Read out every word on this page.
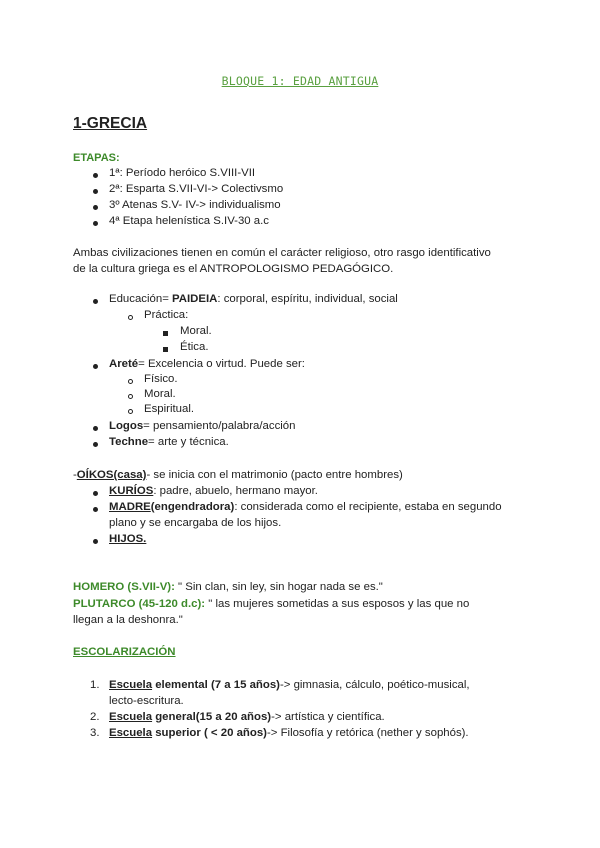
BLOQUE 1: EDAD ANTIGUA
1-GRECIA
ETAPAS:
1ª: Período heróico S.VIII-VII
2ª: Esparta S.VII-VI-> Colectivsmo
3º Atenas S.V- IV-> individualismo
4ª Etapa helenística S.IV-30 a.c
Ambas civilizaciones tienen en común el carácter religioso, otro rasgo identificativo
de la cultura griega es el ANTROPOLOGISMO PEDAGÓGICO.
Educación= PAIDEIA: corporal, espíritu, individual, social
Práctica:
Moral.
Ética.
Areté= Excelencia o virtud. Puede ser:
Físico.
Moral.
Espiritual.
Logos= pensamiento/palabra/acción
Techne= arte y técnica.
-OÍKOS(casa)- se inicia con el matrimonio (pacto entre hombres)
KURÍOS: padre, abuelo, hermano mayor.
MADRE(engendradora): considerada como el recipiente, estaba en segundo
plano y se encargaba de los hijos.
HIJOS.
HOMERO (S.VII-V): " Sin clan, sin ley, sin hogar nada se es."
PLUTARCO (45-120 d.c): " las mujeres sometidas a sus esposos y las que no
llegan a la deshonra."
ESCOLARIZACIÓN
1. Escuela elemental (7 a 15 años)-> gimnasia, cálculo, poético-musical,
lecto-escritura.
2. Escuela general(15 a 20 años)-> artística y científica.
3. Escuela superior ( < 20 años)-> Filosofía y retórica (nether y sophós).
